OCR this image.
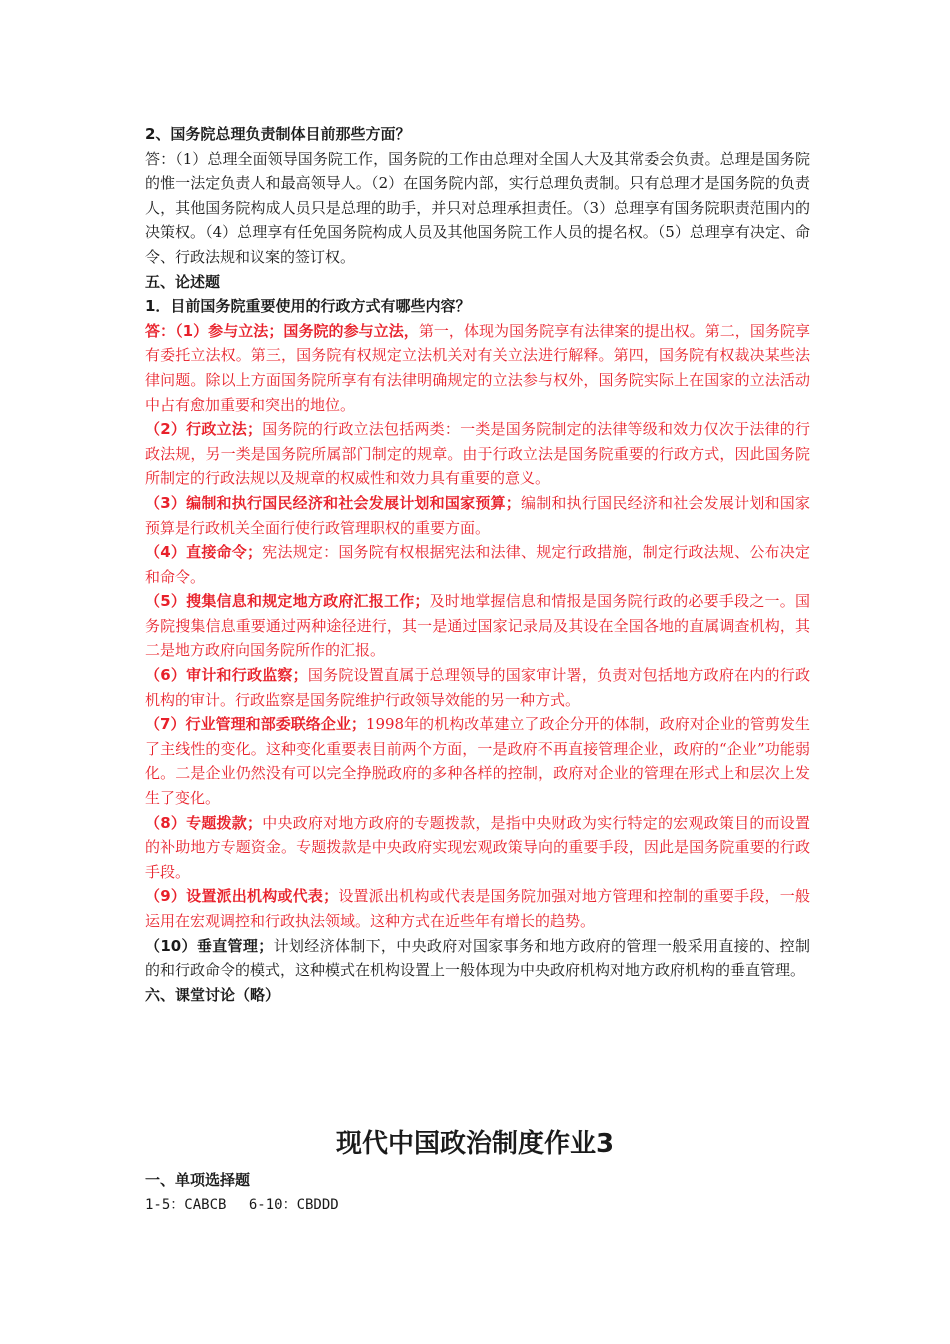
2、国务院总理负责制体目前那些方面？

答：（1）总理全面领导国务院工作，国务院的工作由总理对全国人大及其常委会负责。总理是国务院的惟一法定负责人和最高领导人。（2）在国务院内部，实行总理负责制。只有总理才是国务院的负责人，其他国务院构成人员只是总理的助手，并只对总理承担责任。（3）总理享有国务院职责范围内的决策权。（4）总理享有任免国务院构成人员及其他国务院工作人员的提名权。（5）总理享有决定、命令、行政法规和议案的签订权。

五、论述题

1．目前国务院重要使用的行政方式有哪些内容？

答：（1）参与立法；国务院的参与立法，第一，体现为国务院享有法律案的提出权。第二，国务院享有委托立法权。第三，国务院有权规定立法机关对有关立法进行解释。第四，国务院有权裁决某些法律问题。除以上方面国务院所享有有法律明确规定的立法参与权外，国务院实际上在国家的立法活动中占有愈加重要和突出的地位。

（2）行政立法；国务院的行政立法包括两类：一类是国务院制定的法律等级和效力仅次于法律的行政法规，另一类是国务院所属部门制定的规章。由于行政立法是国务院重要的行政方式，因此国务院所制定的行政法规以及规章的权威性和效力具有重要的意义。

（3）编制和执行国民经济和社会发展计划和国家预算；编制和执行国民经济和社会发展计划和国家预算是行政机关全面行使行政管理职权的重要方面。

（4）直接命令；宪法规定：国务院有权根据宪法和法律、规定行政措施，制定行政法规、公布决定和命令。

（5）搜集信息和规定地方政府汇报工作；及时地掌握信息和情报是国务院行政的必要手段之一。国务院搜集信息重要通过两种途径进行，其一是通过国家记录局及其设在全国各地的直属调查机构，其二是地方政府向国务院所作的汇报。

（6）审计和行政监察；国务院设置直属于总理领导的国家审计署，负责对包括地方政府在内的行政机构的审计。行政监察是国务院维护行政领导效能的另一种方式。

（7）行业管理和部委联络企业；1998年的机构改革建立了政企分开的体制，政府对企业的管剪发生了主线性的变化。这种变化重要表目前两个方面，一是政府不再直接管理企业，政府的“企业”功能弱化。二是企业仍然没有可以完全挣脱政府的多种各样的控制，政府对企业的管理在形式上和层次上发生了变化。

（8）专题拨款；中央政府对地方政府的专题拨款，是指中央财政为实行特定的宏观政策目的而设置的补助地方专题资金。专题拨款是中央政府实现宏观政策导向的重要手段，因此是国务院重要的行政手段。

（9）设置派出机构或代表；设置派出机构或代表是国务院加强对地方管理和控制的重要手段，一般运用在宏观调控和行政执法领域。这种方式在近些年有增长的趋势。

（10）垂直管理；计划经济体制下，中央政府对国家事务和地方政府的管理一般采用直接的、控制的和行政命令的模式，这种模式在机构设置上一般体现为中央政府机构对地方政府机构的垂直管理。

六、课堂讨论（略）

现代中国政治制度作业3

一、单项选择题

1-5：CABCB　 6-10：CBDDD
